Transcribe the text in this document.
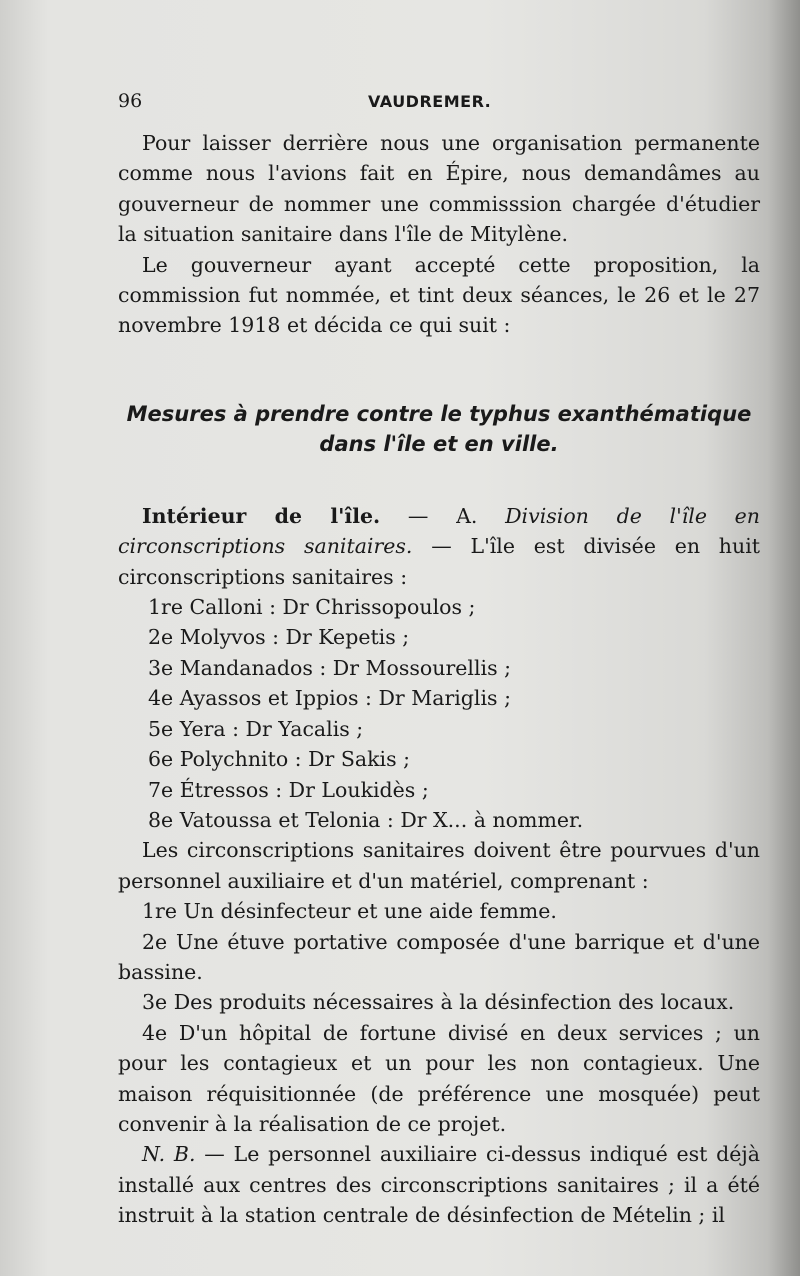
96	VAUDREMER.

Pour laisser derrière nous une organisation permanente comme nous l'avions fait en Épire, nous demandâmes au gouverneur de nommer une commisssion chargée d'étudier la situation sanitaire dans l'île de Mitylène.

Le gouverneur ayant accepté cette proposition, la commission fut nommée, et tint deux séances, le 26 et le 27 novembre 1918 et décida ce qui suit :

Mesures à prendre contre le typhus exanthématique
dans l'île et en ville.

Intérieur de l'île. — A. Division de l'île en circonscriptions sanitaires. — L'île est divisée en huit circonscriptions sanitaires :

1re Calloni : Dr Chrissopoulos ;
2e Molyvos : Dr Kepetis ;
3e Mandanados : Dr Mossourellis ;
4e Ayassos et Ippios : Dr Mariglis ;
5e Yera : Dr Yacalis ;
6e Polychnito : Dr Sakis ;
7e Étressos : Dr Loukidès ;
8e Vatoussa et Telonia : Dr X... à nommer.

Les circonscriptions sanitaires doivent être pourvues d'un personnel auxiliaire et d'un matériel, comprenant :

1re Un désinfecteur et une aide femme.

2e Une étuve portative composée d'une barrique et d'une bassine.

3e Des produits nécessaires à la désinfection des locaux.

4e D'un hôpital de fortune divisé en deux services ; un pour les contagieux et un pour les non contagieux. Une maison réquisitionnée (de préférence une mosquée) peut convenir à la réalisation de ce projet.

N. B. — Le personnel auxiliaire ci-dessus indiqué est déjà installé aux centres des circonscriptions sanitaires ; il a été instruit à la station centrale de désinfection de Mételin ; il
